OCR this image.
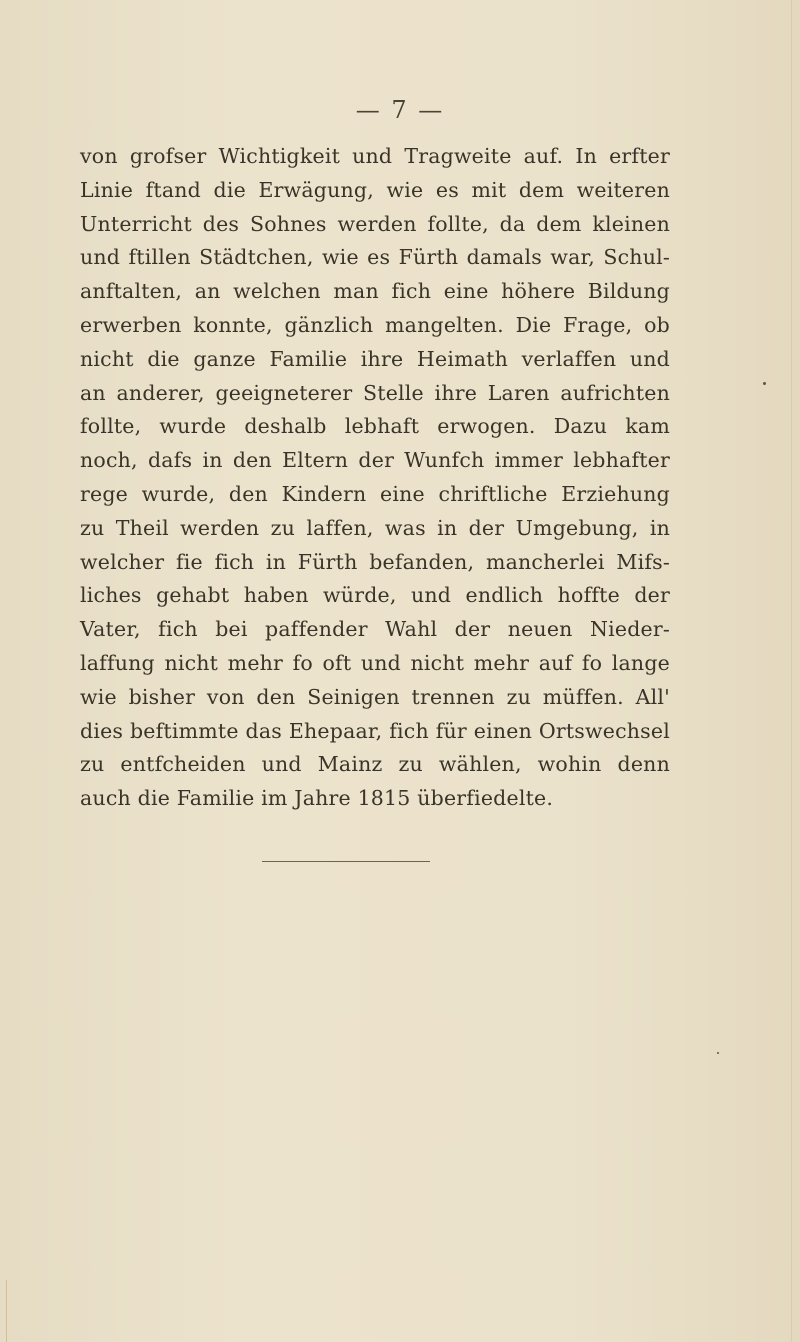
— 7 —
von grofser Wichtigkeit und Tragweite auf. In erfter
Linie ftand die Erwägung, wie es mit dem weiteren
Unterricht des Sohnes werden follte, da dem kleinen
und ftillen Städtchen, wie es Fürth damals war, Schul-
anftalten, an welchen man fich eine höhere Bildung
erwerben konnte, gänzlich mangelten. Die Frage, ob
nicht die ganze Familie ihre Heimath verlaffen und
an anderer, geeigneterer Stelle ihre Laren aufrichten
follte, wurde deshalb lebhaft erwogen. Dazu kam
noch, dafs in den Eltern der Wunfch immer lebhafter
rege wurde, den Kindern eine chriftliche Erziehung
zu Theil werden zu laffen, was in der Umgebung, in
welcher fie fich in Fürth befanden, mancherlei Mifs-
liches gehabt haben würde, und endlich hoffte der
Vater, fich bei paffender Wahl der neuen Nieder-
laffung nicht mehr fo oft und nicht mehr auf fo lange
wie bisher von den Seinigen trennen zu müffen. All'
dies beftimmte das Ehepaar, fich für einen Ortswechsel
zu entfcheiden und Mainz zu wählen, wohin denn
auch die Familie im Jahre 1815 überfiedelte.
